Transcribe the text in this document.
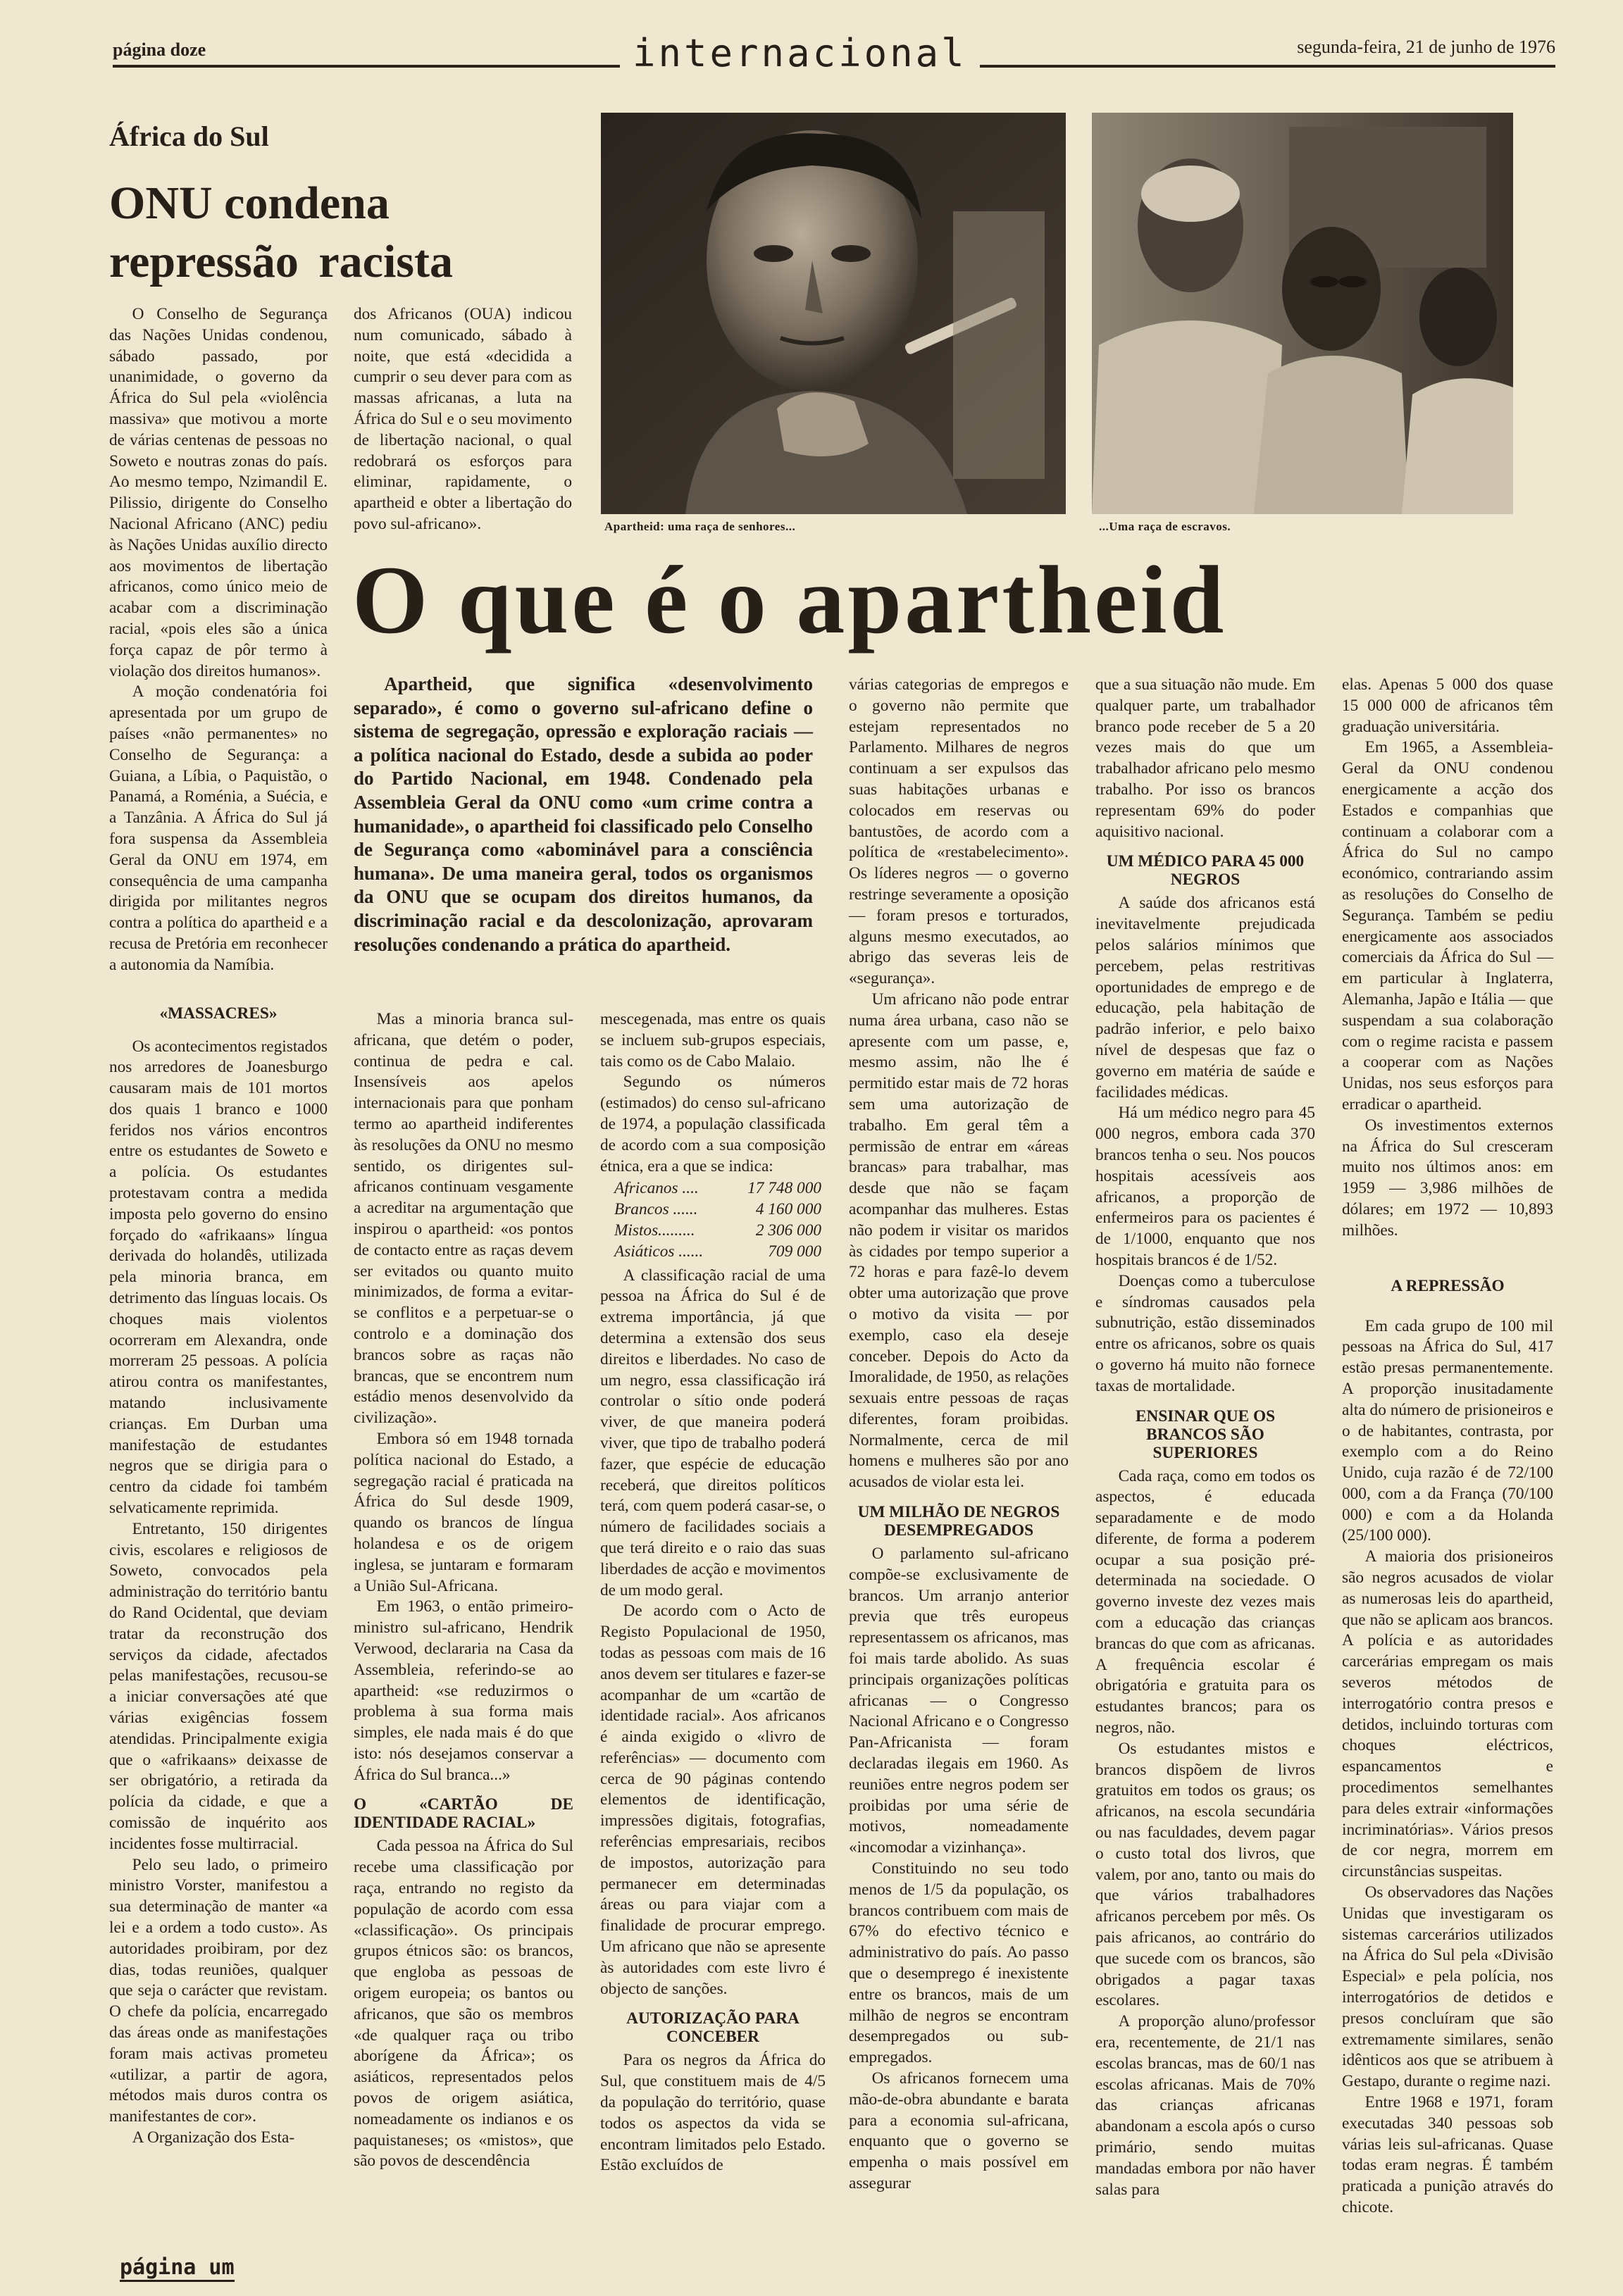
página doze	internacional	segunda-feira, 21 de junho de 1976
África do Sul
ONU condena
repressão racista

O Conselho de Segurança das Nações Unidas condenou, sábado passado, por unanimidade, o governo da África do Sul pela «violência massiva» que motivou a morte de várias centenas de pessoas no Soweto e noutras zonas do país. Ao mesmo tempo, Nzimandil E. Pilissio, dirigente do Conselho Nacional Africano (ANC) pediu às Nações Unidas auxílio directo aos movimentos de libertação africanos, como único meio de acabar com a discriminação racial, «pois eles são a única força capaz de pôr termo à violação dos direitos humanos».

A moção condenatória foi apresentada por um grupo de países «não permanentes» no Conselho de Segurança: a Guiana, a Líbia, o Paquistão, o Panamá, a Roménia, a Suécia, e a Tanzânia. A África do Sul já fora suspensa da Assembleia Geral da ONU em 1974, em consequência de uma campanha dirigida por militantes negros contra a política do apartheid e a recusa de Pretória em reconhecer a autonomia da Namíbia.

«MASSACRES»

Os acontecimentos registados nos arredores de Joanesburgo causaram mais de 101 mortos dos quais 1 branco e 1000 feridos nos vários encontros entre os estudantes de Soweto e a polícia. Os estudantes protestavam contra a medida imposta pelo governo do ensino forçado do «afrikaans» língua derivada do holandês, utilizada pela minoria branca, em detrimento das línguas locais. Os choques mais violentos ocorreram em Alexandra, onde morreram 25 pessoas. A polícia atirou contra os manifestantes, matando inclusivamente crianças. Em Durban uma manifestação de estudantes negros que se dirigia para o centro da cidade foi também selvaticamente reprimida.

Entretanto, 150 dirigentes civis, escolares e religiosos de Soweto, convocados pela administração do território bantu do Rand Ocidental, que deviam tratar da reconstrução dos serviços da cidade, afectados pelas manifestações, recusou-se a iniciar conversações até que várias exigências fossem atendidas. Principalmente exigia que o «afrikaans» deixasse de ser obrigatório, a retirada da polícia da cidade, e que a comissão de inquérito aos incidentes fosse multirracial.

Pelo seu lado, o primeiro ministro Vorster, manifestou a sua determinação de manter «a lei e a ordem a todo custo». As autoridades proibiram, por dez dias, todas reuniões, qualquer que seja o carácter que revistam. O chefe da polícia, encarregado das áreas onde as manifestações foram mais activas prometeu «utilizar, a partir de agora, métodos mais duros contra os manifestantes de cor».

A Organização dos Esta-

dos Africanos (OUA) indicou num comunicado, sábado à noite, que está «decidida a cumprir o seu dever para com as massas africanas, a luta na África do Sul e o seu movimento de libertação nacional, o qual redobrará os esforços para eliminar, rapidamente, o apartheid e obter a libertação do povo sul-africano».	Apartheid: uma raça de senhores...	...Uma raça de escravos.
O que é o apartheid

Apartheid, que significa «desenvolvimento separado», é como o governo sul-africano define o sistema de segregação, opressão e exploração raciais — a política nacional do Estado, desde a subida ao poder do Partido Nacional, em 1948. Condenado pela Assembleia Geral da ONU como «um crime contra a humanidade», o apartheid foi classificado pelo Conselho de Segurança como «abominável para a consciência humana». De uma maneira geral, todos os organismos da ONU que se ocupam dos direitos humanos, da discriminação racial e da descolonização, aprovaram resoluções condenando a prática do apartheid.

Mas a minoria branca sul-africana, que detém o poder, continua de pedra e cal. Insensíveis aos apelos internacionais para que ponham termo ao apartheid indiferentes às resoluções da ONU no mesmo sentido, os dirigentes sul-africanos continuam vesgamente a acreditar na argumentação que inspirou o apartheid: «os pontos de contacto entre as raças devem ser evitados ou quanto muito minimizados, de forma a evitar-se conflitos e a perpetuar-se o controlo e a dominação dos brancos sobre as raças não brancas, que se encontrem num estádio menos desenvolvido da civilização».

Embora só em 1948 tornada política nacional do Estado, a segregação racial é praticada na África do Sul desde 1909, quando os brancos de língua holandesa e os de origem inglesa, se juntaram e formaram a União Sul-Africana.

Em 1963, o então primeiro-ministro sul-africano, Hendrik Verwood, declararia na Casa da Assembleia, referindo-se ao apartheid: «se reduzirmos o problema à sua forma mais simples, ele nada mais é do que isto: nós desejamos conservar a África do Sul branca...»

O «CARTÃO DE IDENTIDADE RACIAL»

Cada pessoa na África do Sul recebe uma classificação por raça, entrando no registo da população de acordo com essa «classificação». Os principais grupos étnicos são: os brancos, que engloba as pessoas de origem europeia; os bantos ou africanos, que são os membros «de qualquer raça ou tribo aborígene da África»; os asiáticos, representados pelos povos de origem asiática, nomeadamente os indianos e os paquistaneses; os «mistos», que são povos de descendência

mescegenada, mas entre os quais se incluem sub-grupos especiais, tais como os de Cabo Malaio.

Segundo os números (estimados) do censo sul-africano de 1974, a população classificada de acordo com a sua composição étnica, era a que se indica:

Africanos ....	17 748 000
Brancos ......	4 160 000
Mistos.........	2 306 000
Asiáticos ......	709 000

A classificação racial de uma pessoa na África do Sul é de extrema importância, já que determina a extensão dos seus direitos e liberdades. No caso de um negro, essa classificação irá controlar o sítio onde poderá viver, de que maneira poderá viver, que tipo de trabalho poderá fazer, que espécie de educação receberá, que direitos políticos terá, com quem poderá casar-se, o número de facilidades sociais a que terá direito e o raio das suas liberdades de acção e movimentos de um modo geral.

De acordo com o Acto de Registo Populacional de 1950, todas as pessoas com mais de 16 anos devem ser titulares e fazer-se acompanhar de um «cartão de identidade racial». Aos africanos é ainda exigido o «livro de referências» — documento com cerca de 90 páginas contendo elementos de identificação, impressões digitais, fotografias, referências empresariais, recibos de impostos, autorização para permanecer em determinadas áreas ou para viajar com a finalidade de procurar emprego. Um africano que não se apresente às autoridades com este livro é objecto de sanções.

AUTORIZAÇÃO PARA CONCEBER

Para os negros da África do Sul, que constituem mais de 4/5 da população do território, quase todos os aspectos da vida se encontram limitados pelo Estado. Estão excluídos de

várias categorias de empregos e o governo não permite que estejam representados no Parlamento. Milhares de negros continuam a ser expulsos das suas habitações urbanas e colocados em reservas ou bantustões, de acordo com a política de «restabelecimento». Os líderes negros — o governo restringe severamente a oposição — foram presos e torturados, alguns mesmo executados, ao abrigo das severas leis de «segurança».

Um africano não pode entrar numa área urbana, caso não se apresente com um passe, e, mesmo assim, não lhe é permitido estar mais de 72 horas sem uma autorização de trabalho. Em geral têm a permissão de entrar em «áreas brancas» para trabalhar, mas desde que não se façam acompanhar das mulheres. Estas não podem ir visitar os maridos às cidades por tempo superior a 72 horas e para fazê-lo devem obter uma autorização que prove o motivo da visita — por exemplo, caso ela deseje conceber. Depois do Acto da Imoralidade, de 1950, as relações sexuais entre pessoas de raças diferentes, foram proibidas. Normalmente, cerca de mil homens e mulheres são por ano acusados de violar esta lei.

UM MILHÃO DE NEGROS DESEMPREGADOS

O parlamento sul-africano compõe-se exclusivamente de brancos. Um arranjo anterior previa que três europeus representassem os africanos, mas foi mais tarde abolido. As suas principais organizações políticas africanas — o Congresso Nacional Africano e o Congresso Pan-Africanista — foram declaradas ilegais em 1960. As reuniões entre negros podem ser proibidas por uma série de motivos, nomeadamente «incomodar a vizinhança».

Constituindo no seu todo menos de 1/5 da população, os brancos contribuem com mais de 67% do efectivo técnico e administrativo do país. Ao passo que o desemprego é inexistente entre os brancos, mais de um milhão de negros se encontram desempregados ou sub-empregados.

Os africanos fornecem uma mão-de-obra abundante e barata para a economia sul-africana, enquanto que o governo se empenha o mais possível em assegurar

que a sua situação não mude. Em qualquer parte, um trabalhador branco pode receber de 5 a 20 vezes mais do que um trabalhador africano pelo mesmo trabalho. Por isso os brancos representam 69% do poder aquisitivo nacional.

UM MÉDICO PARA 45 000 NEGROS

A saúde dos africanos está inevitavelmente prejudicada pelos salários mínimos que percebem, pelas restritivas oportunidades de emprego e de educação, pela habitação de padrão inferior, e pelo baixo nível de despesas que faz o governo em matéria de saúde e facilidades médicas.

Há um médico negro para 45 000 negros, embora cada 370 brancos tenha o seu. Nos poucos hospitais acessíveis aos africanos, a proporção de enfermeiros para os pacientes é de 1/1000, enquanto que nos hospitais brancos é de 1/52.

Doenças como a tuberculose e síndromas causados pela subnutrição, estão disseminados entre os africanos, sobre os quais o governo há muito não fornece taxas de mortalidade.

ENSINAR QUE OS BRANCOS SÃO SUPERIORES

Cada raça, como em todos os aspectos, é educada separadamente e de modo diferente, de forma a poderem ocupar a sua posição pré-determinada na sociedade. O governo investe dez vezes mais com a educação das crianças brancas do que com as africanas. A frequência escolar é obrigatória e gratuita para os estudantes brancos; para os negros, não.

Os estudantes mistos e brancos dispõem de livros gratuitos em todos os graus; os africanos, na escola secundária ou nas faculdades, devem pagar o custo total dos livros, que valem, por ano, tanto ou mais do que vários trabalhadores africanos percebem por mês. Os pais africanos, ao contrário do que sucede com os brancos, são obrigados a pagar taxas escolares.

A proporção aluno/professor era, recentemente, de 21/1 nas escolas brancas, mas de 60/1 nas escolas africanas. Mais de 70% das crianças africanas abandonam a escola após o curso primário, sendo muitas mandadas embora por não haver salas para

elas. Apenas 5 000 dos quase 15 000 000 de africanos têm graduação universitária.

Em 1965, a Assembleia-Geral da ONU condenou energicamente a acção dos Estados e companhias que continuam a colaborar com a África do Sul no campo económico, contrariando assim as resoluções do Conselho de Segurança. Também se pediu energicamente aos associados comerciais da África do Sul — em particular à Inglaterra, Alemanha, Japão e Itália — que suspendam a sua colaboração com o regime racista e passem a cooperar com as Nações Unidas, nos seus esforços para erradicar o apartheid.

Os investimentos externos na África do Sul cresceram muito nos últimos anos: em 1959 — 3,986 milhões de dólares; em 1972 — 10,893 milhões.

A REPRESSÃO

Em cada grupo de 100 mil pessoas na África do Sul, 417 estão presas permanentemente. A proporção inusitadamente alta do número de prisioneiros e o de habitantes, contrasta, por exemplo com a do Reino Unido, cuja razão é de 72/100 000, com a da França (70/100 000) e com a da Holanda (25/100 000).

A maioria dos prisioneiros são negros acusados de violar as numerosas leis do apartheid, que não se aplicam aos brancos. A polícia e as autoridades carcerárias empregam os mais severos métodos de interrogatório contra presos e detidos, incluindo torturas com choques eléctricos, espancamentos e procedimentos semelhantes para deles extrair «informações incriminatórias». Vários presos de cor negra, morrem em circunstâncias suspeitas.

Os observadores das Nações Unidas que investigaram os sistemas carcerários utilizados na África do Sul pela «Divisão Especial» e pela polícia, nos interrogatórios de detidos e presos concluíram que são extremamente similares, senão idênticos aos que se atribuem à Gestapo, durante o regime nazi.

Entre 1968 e 1971, foram executadas 340 pessoas sob várias leis sul-africanas. Quase todas eram negras. É também praticada a punição através do chicote.

página um
